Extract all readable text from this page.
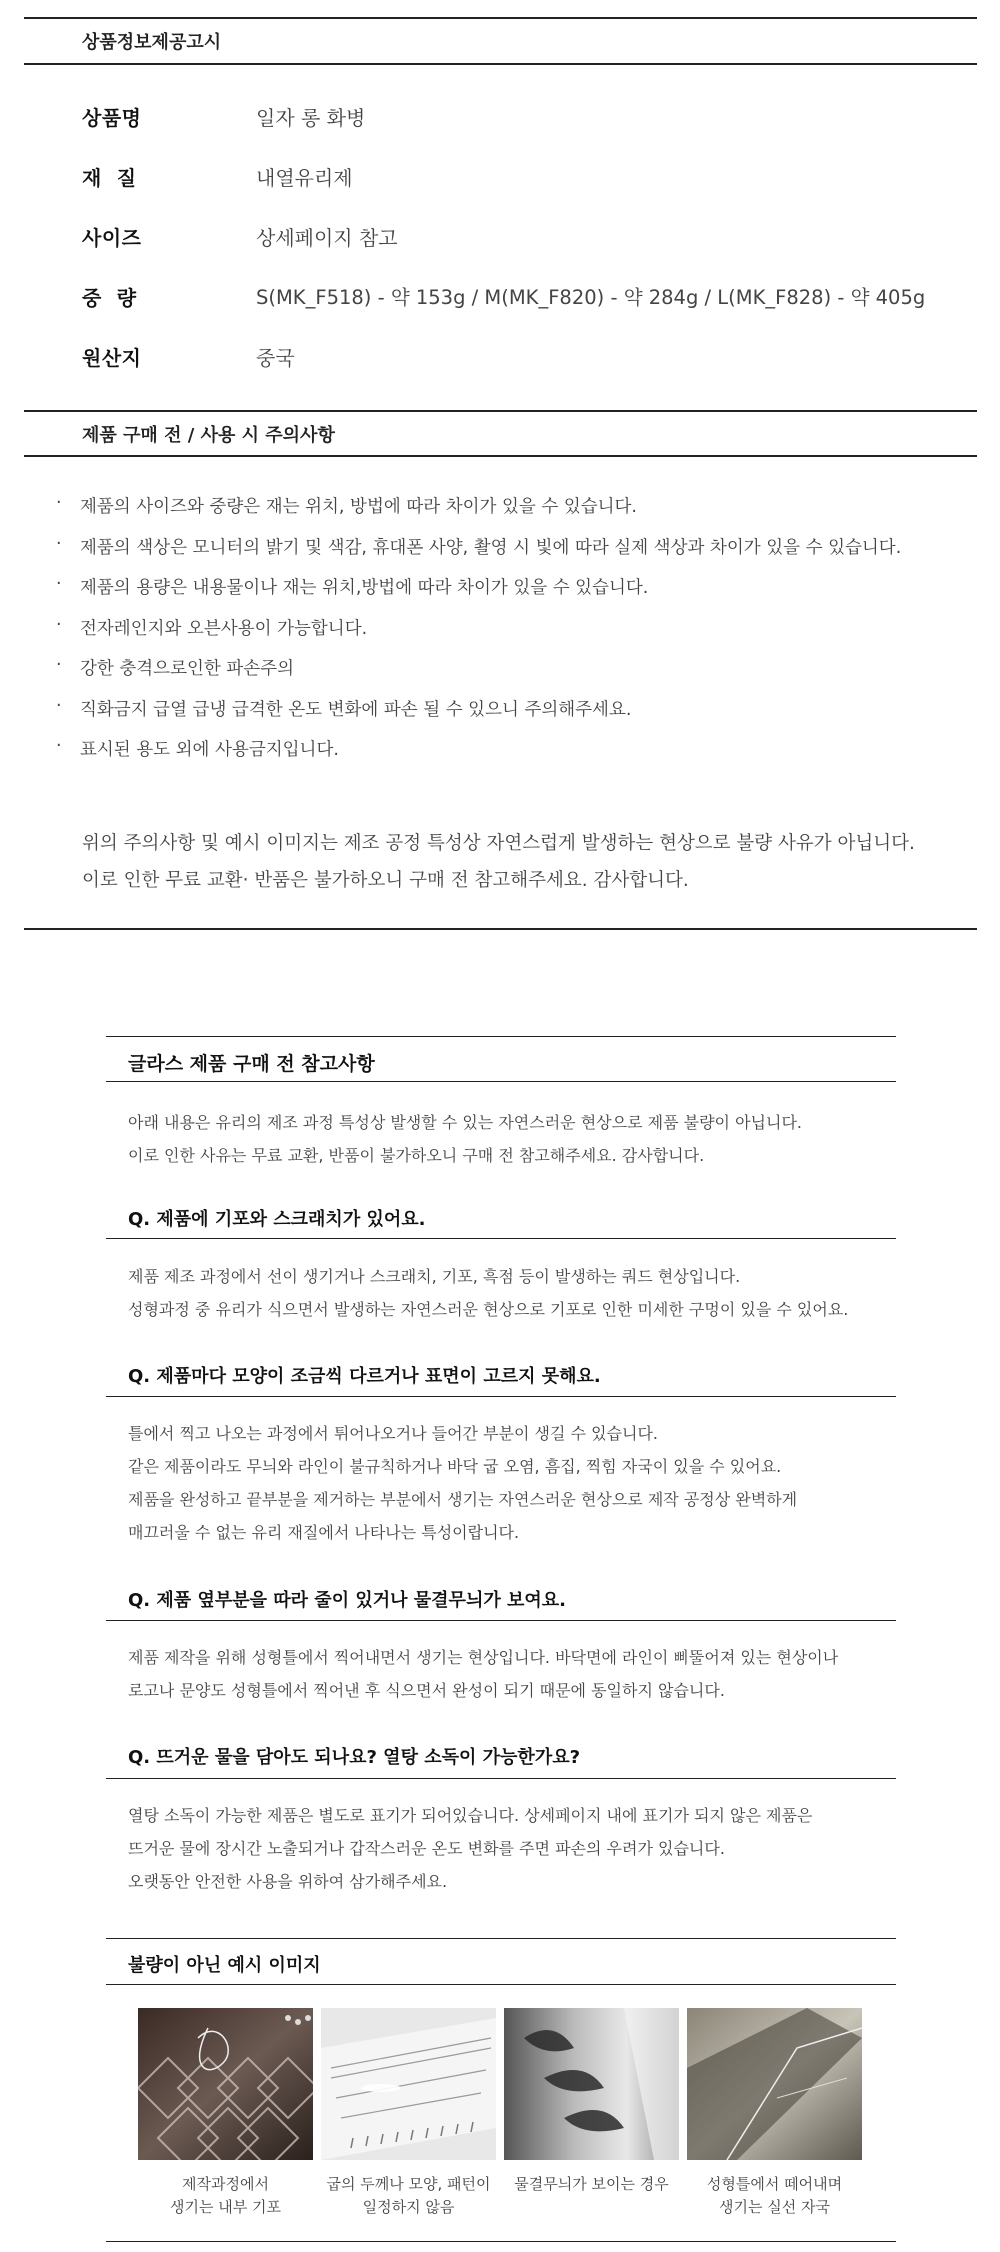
상품정보제공고시
상품명	일자 롱 화병
재  질	내열유리제
사이즈	상세페이지 참고
중  량	S(MK_F518) - 약 153g / M(MK_F820) - 약 284g / L(MK_F828) - 약 405g
원산지	중국
제품 구매 전 / 사용 시 주의사항
·	제품의 사이즈와 중량은 재는 위치, 방법에 따라 차이가 있을 수 있습니다.
·	제품의 색상은 모니터의 밝기 및 색감, 휴대폰 사양, 촬영 시 빛에 따라 실제 색상과 차이가 있을 수 있습니다.
·	제품의 용량은 내용물이나 재는 위치,방법에 따라 차이가 있을 수 있습니다.
·	전자레인지와 오븐사용이 가능합니다.
·	강한 충격으로인한 파손주의
·	직화금지 급열 급냉 급격한 온도 변화에 파손 될 수 있으니 주의해주세요.
·	표시된 용도 외에 사용금지입니다.
위의 주의사항 및 예시 이미지는 제조 공정 특성상 자연스럽게 발생하는 현상으로 불량 사유가 아닙니다.
이로 인한 무료 교환· 반품은 불가하오니 구매 전 참고해주세요. 감사합니다.
글라스 제품 구매 전 참고사항
아래 내용은 유리의 제조 과정 특성상 발생할 수 있는 자연스러운 현상으로 제품 불량이 아닙니다.
이로 인한 사유는 무료 교환, 반품이 불가하오니 구매 전 참고해주세요. 감사합니다.
Q. 제품에 기포와 스크래치가 있어요.
제품 제조 과정에서 선이 생기거나 스크래치, 기포, 흑점 등이 발생하는 쿼드 현상입니다.
성형과정 중 유리가 식으면서 발생하는 자연스러운 현상으로 기포로 인한 미세한 구멍이 있을 수 있어요.
Q. 제품마다 모양이 조금씩 다르거나 표면이 고르지 못해요.
틀에서 찍고 나오는 과정에서 튀어나오거나 들어간 부분이 생길 수 있습니다.
같은 제품이라도 무늬와 라인이 불규칙하거나 바닥 굽 오염, 흠집, 찍힘 자국이 있을 수 있어요.
제품을 완성하고 끝부분을 제거하는 부분에서 생기는 자연스러운 현상으로 제작 공정상 완벽하게
매끄러울 수 없는 유리 재질에서 나타나는 특성이랍니다.
Q. 제품 옆부분을 따라 줄이 있거나 물결무늬가 보여요.
제품 제작을 위해 성형틀에서 찍어내면서 생기는 현상입니다. 바닥면에 라인이 삐뚤어져 있는 현상이나
로고나 문양도 성형틀에서 찍어낸 후 식으면서 완성이 되기 때문에 동일하지 않습니다.
Q. 뜨거운 물을 담아도 되나요? 열탕 소독이 가능한가요?
열탕 소독이 가능한 제품은 별도로 표기가 되어있습니다. 상세페이지 내에 표기가 되지 않은 제품은
뜨거운 물에 장시간 노출되거나 갑작스러운 온도 변화를 주면 파손의 우려가 있습니다.
오랫동안 안전한 사용을 위하여 삼가해주세요.
불량이 아닌 예시 이미지
제작과정에서
생기는 내부 기포
굽의 두께나 모양, 패턴이
일정하지 않음
물결무늬가 보이는 경우	성형틀에서 떼어내며
생기는 실선 자국
